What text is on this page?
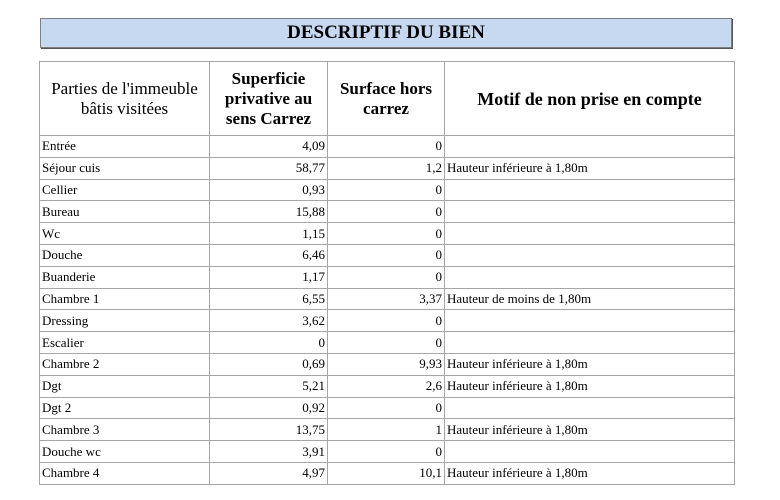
DESCRIPTIF DU BIEN
Parties de l'immeuble bâtis visitées	Superficie privative au sens Carrez	Surface hors carrez	Motif de non prise en compte
Entrée	4,09	0	
Séjour cuis	58,77	1,2	Hauteur inférieure à 1,80m
Cellier	0,93	0	
Bureau	15,88	0	
Wc	1,15	0	
Douche	6,46	0	
Buanderie	1,17	0	
Chambre 1	6,55	3,37	Hauteur de moins de 1,80m
Dressing	3,62	0	
Escalier	0	0	
Chambre 2	0,69	9,93	Hauteur inférieure à 1,80m
Dgt	5,21	2,6	Hauteur inférieure à 1,80m
Dgt 2	0,92	0	
Chambre 3	13,75	1	Hauteur inférieure à 1,80m
Douche wc	3,91	0	
Chambre 4	4,97	10,1	Hauteur inférieure à 1,80m
